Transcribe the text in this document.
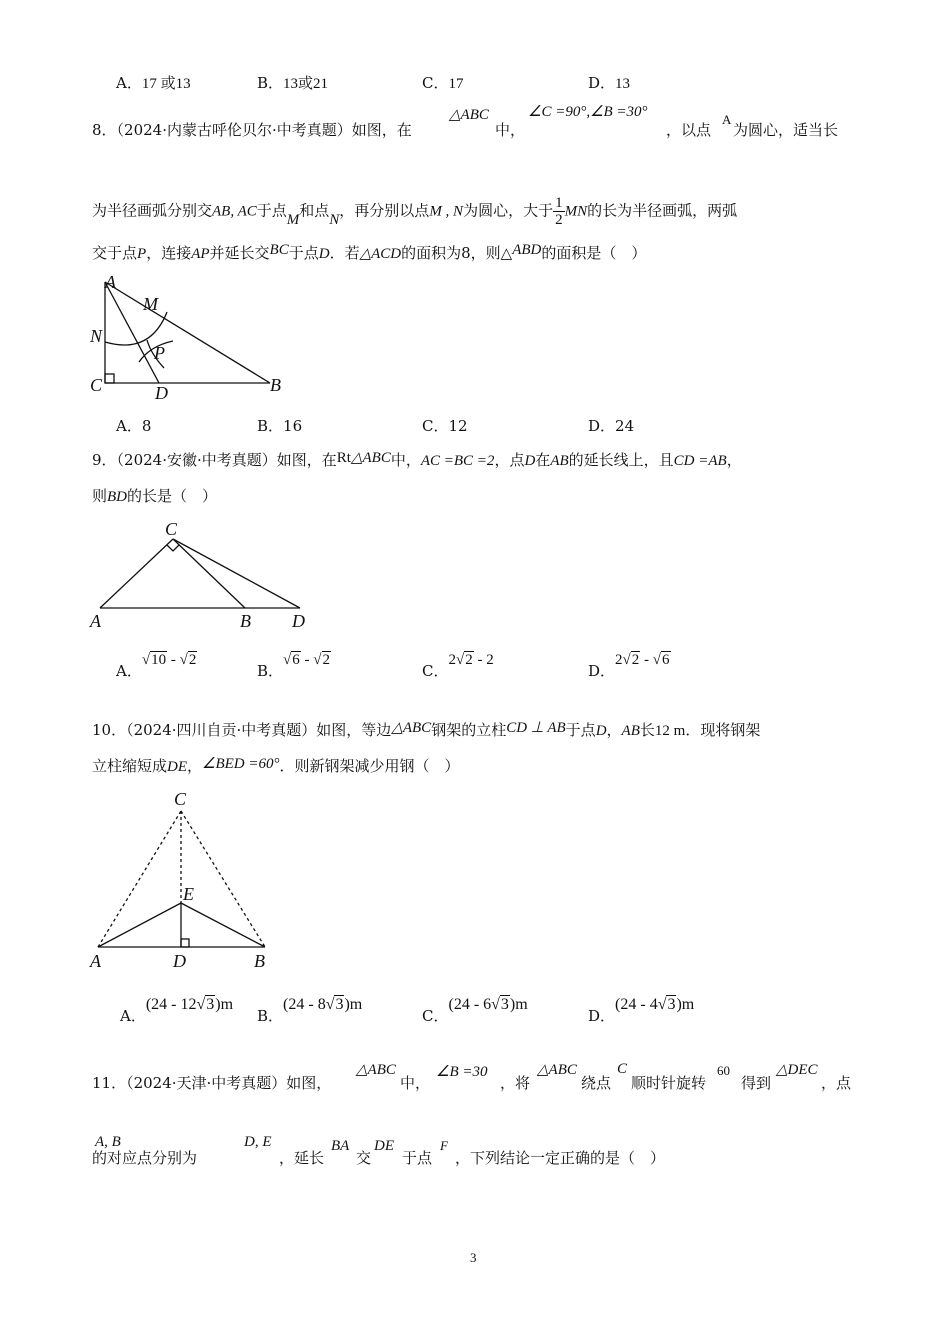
A．17 或13	B．13或21	C．17	D．13
8．（2024·内蒙古呼伦贝尔·中考真题）如图，在
△ABC
中，
∠C =90°,∠B =30°
，以点
A
为圆心，适当长
为半径画弧分别交AB, AC于点M和点N，再分别以点M , N为圆心，大于 $\frac{1}{2}$ MN的长为半径画弧，两弧
交于点P，连接AP并延长交BC于点D．若△ACD的面积为8，则△ABD的面积是（　）
A
M
N
P
C	D	B
A．8	B．16	C．12	D．24
9．（2024·安徽·中考真题）如图，在Rt△ABC中，AC =BC =2，点D在AB的延长线上，且CD =AB，
则BD的长是（　）
C
A	B D
A．√10 - √2
B．√6 - √2
C．2√2 - 2
D．2√2 - √6
10．（2024·四川自贡·中考真题）如图，等边△ABC钢架的立柱CD ⊥ AB于点D，AB长12 m．现将钢架
立柱缩短成DE，∠BED =60°．则新钢架减少用钢（　）
C
E
A	D	B
A．(24 - 12√3)m
B．(24 - 8√3)m
C．(24 - 6√3)m
D．(24 - 4√3)m
11．（2024·天津·中考真题）如图，
△ABC
中，
∠B =30
，将
△ABC
绕点
C
顺时针旋转
60
得到
△DEC
，点
A, B
的对应点分别为
D, E
，延长
BA
交
DE
于点
F
，下列结论一定正确的是（　）
3
